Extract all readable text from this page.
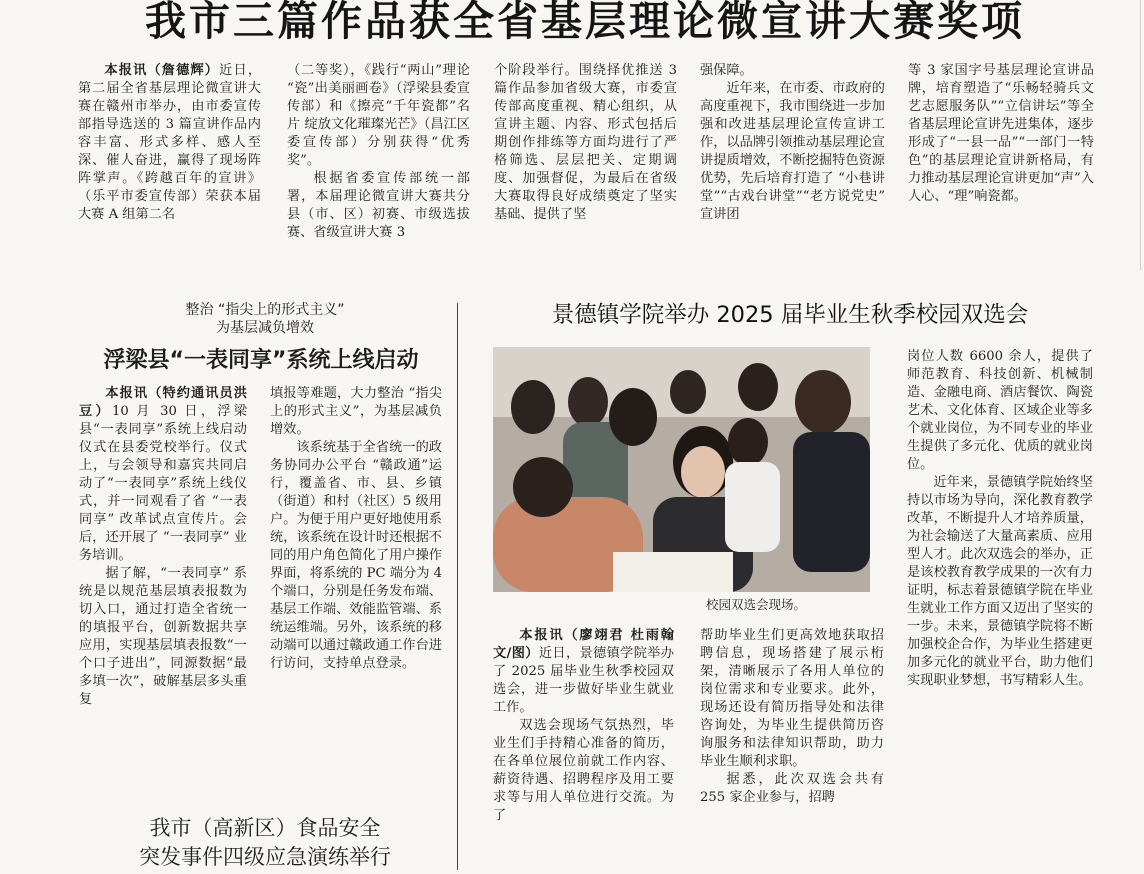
我市三篇作品获全省基层理论微宣讲大赛奖项

本报讯（詹德辉）近日，第二届全省基层理论微宣讲大赛在赣州市举办，由市委宣传部指导选送的 3 篇宣讲作品内容丰富、形式多样、感人至深、催人奋进，赢得了现场阵阵掌声。《跨越百年的宣讲》（乐平市委宣传部）荣获本届大赛 A 组第二名

（二等奖），《践行“两山”理论 “瓷”出美丽画卷》（浮梁县委宣传部）和《擦亮“千年瓷都”名片 绽放文化璀璨光芒》（昌江区委宣传部）分别获得“优秀奖”。

根据省委宣传部统一部署，本届理论微宣讲大赛共分县（市、区）初赛、市级选拔赛、省级宣讲大赛 3

个阶段举行。围绕择优推送 3 篇作品参加省级大赛，市委宣传部高度重视、精心组织，从宣讲主题、内容、形式包括后期创作排练等方面均进行了严格筛选、层层把关、定期调度、加强督促，为最后在省级大赛取得良好成绩奠定了坚实基础、提供了坚

强保障。

近年来，在市委、市政府的高度重视下，我市围绕进一步加强和改进基层理论宣传宣讲工作，以品牌引领推动基层理论宣讲提质增效，不断挖掘特色资源优势，先后培育打造了 “小巷讲堂”“古戏台讲堂”“老方说党史” 宣讲团

等 3 家国字号基层理论宣讲品牌，培育塑造了“乐畅轻骑兵文艺志愿服务队”“立信讲坛”等全省基层理论宣讲先进集体，逐步形成了“一县一品”“一部门一特色”的基层理论宣讲新格局，有力推动基层理论宣讲更加“声”入人心、“理”响瓷都。

整治 “指尖上的形式主义”
为基层减负增效
浮梁县“一表同享”系统上线启动

本报讯（特约通讯员洪豆）10 月 30 日，浮梁县“一表同享”系统上线启动仪式在县委党校举行。仪式上，与会领导和嘉宾共同启动了“一表同享”系统上线仪式，并一同观看了省 “一表同享” 改革试点宣传片。会后，还开展了 “一表同享” 业务培训。

据了解，“一表同享” 系统是以规范基层填表报数为切入口，通过打造全省统一的填报平台，创新数据共享应用，实现基层填表报数“一个口子进出”，同源数据“最多填一次”，破解基层多头重复

填报等难题，大力整治 “指尖上的形式主义”，为基层减负增效。

该系统基于全省统一的政务协同办公平台 “赣政通”运行，覆盖省、市、县、乡镇（街道）和村（社区）5 级用户。为便于用户更好地使用系统，该系统在设计时还根据不同的用户角色简化了用户操作界面，将系统的 PC 端分为 4 个端口，分别是任务发布端、基层工作端、效能监管端、系统运维端。另外，该系统的移动端可以通过赣政通工作台进行访问，支持单点登录。

景德镇学院举办 2025 届毕业生秋季校园双选会
校园双选会现场。

本报讯（廖翊君 杜雨翰 文/图）近日，景德镇学院举办了 2025 届毕业生秋季校园双选会，进一步做好毕业生就业工作。

双选会现场气氛热烈，毕业生们手持精心准备的简历，在各单位展位前就工作内容、薪资待遇、招聘程序及用工要求等与用人单位进行交流。为了

帮助毕业生们更高效地获取招聘信息，现场搭建了展示桁架，清晰展示了各用人单位的岗位需求和专业要求。此外，现场还设有简历指导处和法律咨询处，为毕业生提供简历咨询服务和法律知识帮助，助力毕业生顺利求职。

据悉，此次双选会共有 255 家企业参与，招聘

岗位人数 6600 余人，提供了师范教育、科技创新、机械制造、金融电商、酒店餐饮、陶瓷艺术、文化体育、区域企业等多个就业岗位，为不同专业的毕业生提供了多元化、优质的就业岗位。

近年来，景德镇学院始终坚持以市场为导向，深化教育教学改革，不断提升人才培养质量，为社会输送了大量高素质、应用型人才。此次双选会的举办，正是该校教育教学成果的一次有力证明，标志着景德镇学院在毕业生就业工作方面又迈出了坚实的一步。未来，景德镇学院将不断加强校企合作，为毕业生搭建更加多元化的就业平台，助力他们实现职业梦想，书写精彩人生。

我市（高新区）食品安全
突发事件四级应急演练举行
